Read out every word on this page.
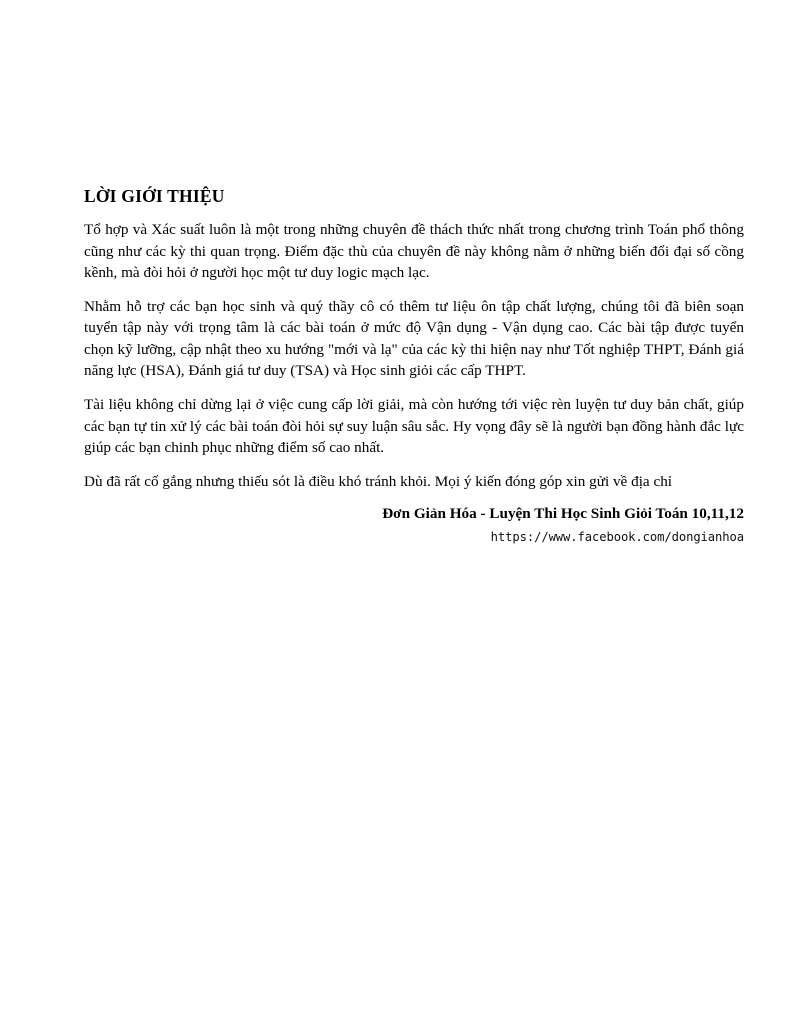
LỜI GIỚI THIỆU

Tổ hợp và Xác suất luôn là một trong những chuyên đề thách thức nhất trong chương trình Toán phổ thông cũng như các kỳ thi quan trọng. Điểm đặc thù của chuyên đề này không nằm ở những biến đổi đại số cồng kềnh, mà đòi hỏi ở người học một tư duy logic mạch lạc.

Nhằm hỗ trợ các bạn học sinh và quý thầy cô có thêm tư liệu ôn tập chất lượng, chúng tôi đã biên soạn tuyển tập này với trọng tâm là các bài toán ở mức độ Vận dụng - Vận dụng cao. Các bài tập được tuyển chọn kỹ lưỡng, cập nhật theo xu hướng "mới và lạ" của các kỳ thi hiện nay như Tốt nghiệp THPT, Đánh giá năng lực (HSA), Đánh giá tư duy (TSA) và Học sinh giỏi các cấp THPT.

Tài liệu không chỉ dừng lại ở việc cung cấp lời giải, mà còn hướng tới việc rèn luyện tư duy bản chất, giúp các bạn tự tin xử lý các bài toán đòi hỏi sự suy luận sâu sắc. Hy vọng đây sẽ là người bạn đồng hành đắc lực giúp các bạn chinh phục những điểm số cao nhất.

Dù đã rất cố gắng nhưng thiếu sót là điều khó tránh khỏi. Mọi ý kiến đóng góp xin gửi về địa chỉ

Đơn Giản Hóa - Luyện Thi Học Sinh Giỏi Toán 10,11,12

https://www.facebook.com/dongianhoa
